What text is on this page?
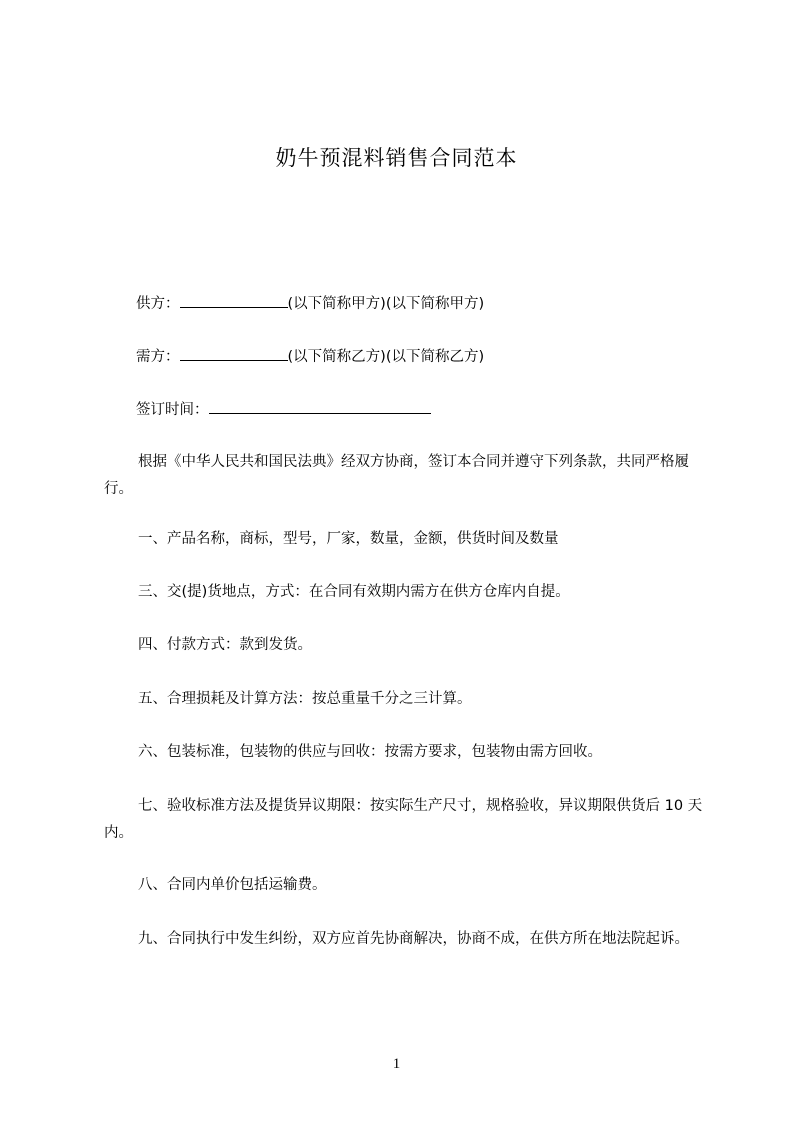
奶牛预混料销售合同范本
供方：	(以下简称甲方)(以下简称甲方)
需方：	(以下简称乙方)(以下简称乙方)
签订时间：
根据《中华人民共和国民法典》经双方协商，签订本合同并遵守下列条款，共同严格履行。
一、产品名称，商标，型号，厂家，数量，金额，供货时间及数量
三、交(提)货地点，方式：在合同有效期内需方在供方仓库内自提。
四、付款方式：款到发货。
五、合理损耗及计算方法：按总重量千分之三计算。
六、包装标准，包装物的供应与回收：按需方要求，包装物由需方回收。
七、验收标准方法及提货异议期限：按实际生产尺寸，规格验收，异议期限供货后 10 天内。
八、合同内单价包括运输费。
九、合同执行中发生纠纷，双方应首先协商解决，协商不成，在供方所在地法院起诉。
1
